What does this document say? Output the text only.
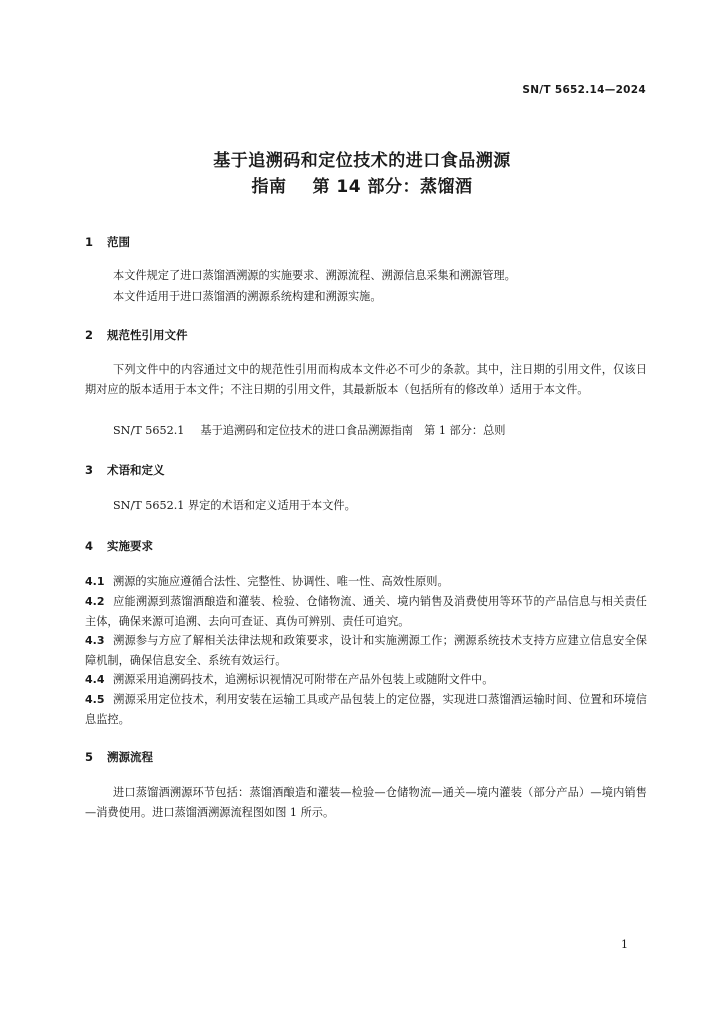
SN/T 5652.14—2024
基于追溯码和定位技术的进口食品溯源
指南 第 14 部分：蒸馏酒
1 范围

本文件规定了进口蒸馏酒溯源的实施要求、溯源流程、溯源信息采集和溯源管理。

本文件适用于进口蒸馏酒的溯源系统构建和溯源实施。

2 规范性引用文件

下列文件中的内容通过文中的规范性引用而构成本文件必不可少的条款。其中，注日期的引用文件，仅该日期对应的版本适用于本文件；不注日期的引用文件，其最新版本（包括所有的修改单）适用于本文件。

SN/T 5652.1 基于追溯码和定位技术的进口食品溯源指南　第 1 部分：总则

3 术语和定义

SN/T 5652.1 界定的术语和定义适用于本文件。

4 实施要求

4.1 溯源的实施应遵循合法性、完整性、协调性、唯一性、高效性原则。

4.2 应能溯源到蒸馏酒酿造和灌装、检验、仓储物流、通关、境内销售及消费使用等环节的产品信息与相关责任主体，确保来源可追溯、去向可查证、真伪可辨别、责任可追究。

4.3 溯源参与方应了解相关法律法规和政策要求，设计和实施溯源工作；溯源系统技术支持方应建立信息安全保障机制，确保信息安全、系统有效运行。

4.4 溯源采用追溯码技术，追溯标识视情况可附带在产品外包装上或随附文件中。

4.5 溯源采用定位技术，利用安装在运输工具或产品包装上的定位器，实现进口蒸馏酒运输时间、位置和环境信息监控。

5 溯源流程

进口蒸馏酒溯源环节包括：蒸馏酒酿造和灌装—检验—仓储物流—通关—境内灌装（部分产品）—境内销售—消费使用。进口蒸馏酒溯源流程图如图 1 所示。

1
